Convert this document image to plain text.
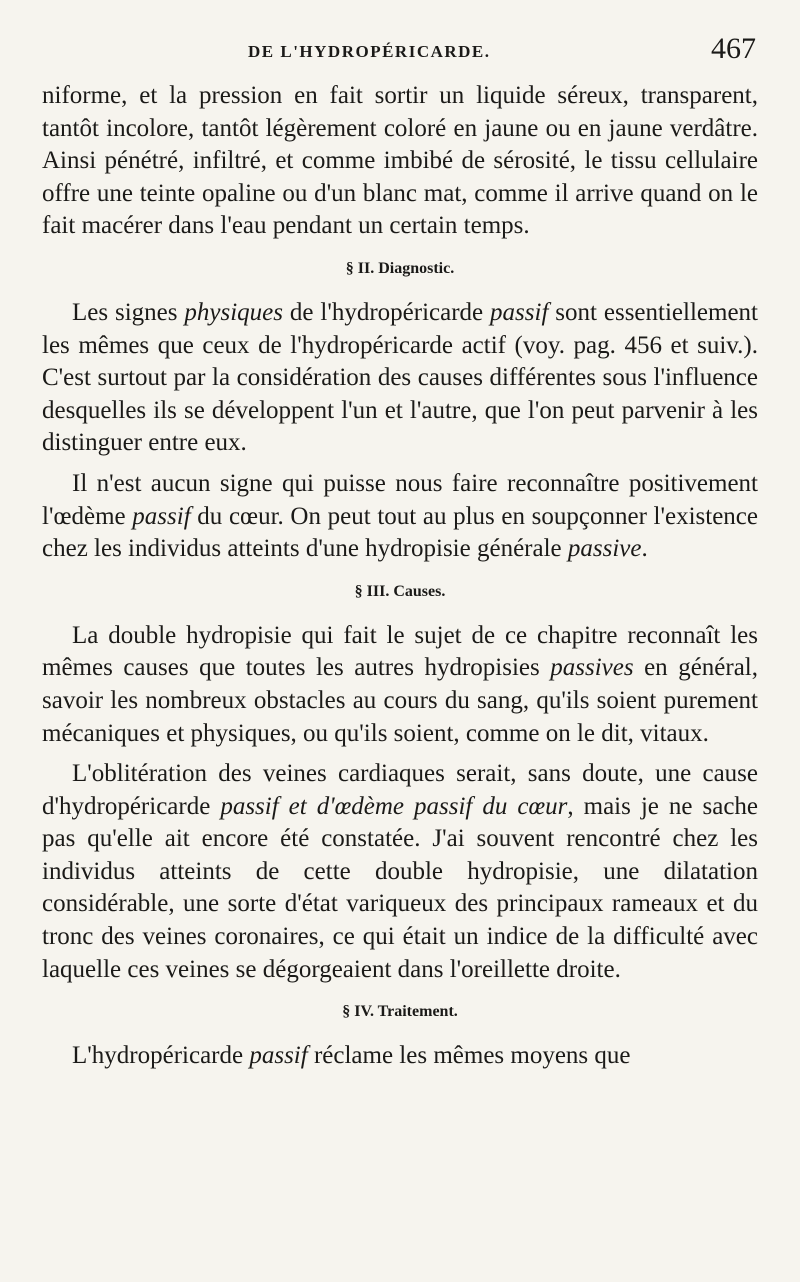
DE L'HYDROPÉRICARDE.	467

niforme, et la pression en fait sortir un liquide séreux, transparent, tantôt incolore, tantôt légèrement coloré en jaune ou en jaune verdâtre. Ainsi pénétré, infiltré, et comme imbibé de sérosité, le tissu cellulaire offre une teinte opaline ou d'un blanc mat, comme il arrive quand on le fait macérer dans l'eau pendant un certain temps.

§ II. Diagnostic.

Les signes physiques de l'hydropéricarde passif sont essentiellement les mêmes que ceux de l'hydropéricarde actif (voy. pag. 456 et suiv.). C'est surtout par la considération des causes différentes sous l'influence desquelles ils se développent l'un et l'autre, que l'on peut parvenir à les distinguer entre eux.

Il n'est aucun signe qui puisse nous faire reconnaître positivement l'œdème passif du cœur. On peut tout au plus en soupçonner l'existence chez les individus atteints d'une hydropisie générale passive.

§ III. Causes.

La double hydropisie qui fait le sujet de ce chapitre reconnaît les mêmes causes que toutes les autres hydropisies passives en général, savoir les nombreux obstacles au cours du sang, qu'ils soient purement mécaniques et physiques, ou qu'ils soient, comme on le dit, vitaux.

L'oblitération des veines cardiaques serait, sans doute, une cause d'hydropéricarde passif et d'œdème passif du cœur, mais je ne sache pas qu'elle ait encore été constatée. J'ai souvent rencontré chez les individus atteints de cette double hydropisie, une dilatation considérable, une sorte d'état variqueux des principaux rameaux et du tronc des veines coronaires, ce qui était un indice de la difficulté avec laquelle ces veines se dégorgeaient dans l'oreillette droite.

§ IV. Traitement.

L'hydropéricarde passif réclame les mêmes moyens que
